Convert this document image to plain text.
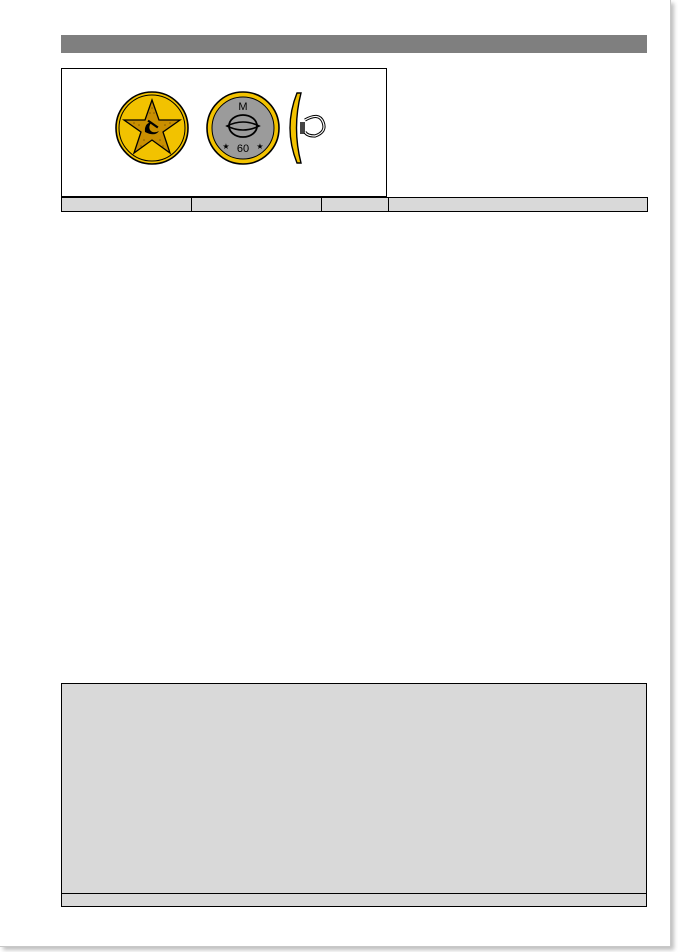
М
60
★	★
